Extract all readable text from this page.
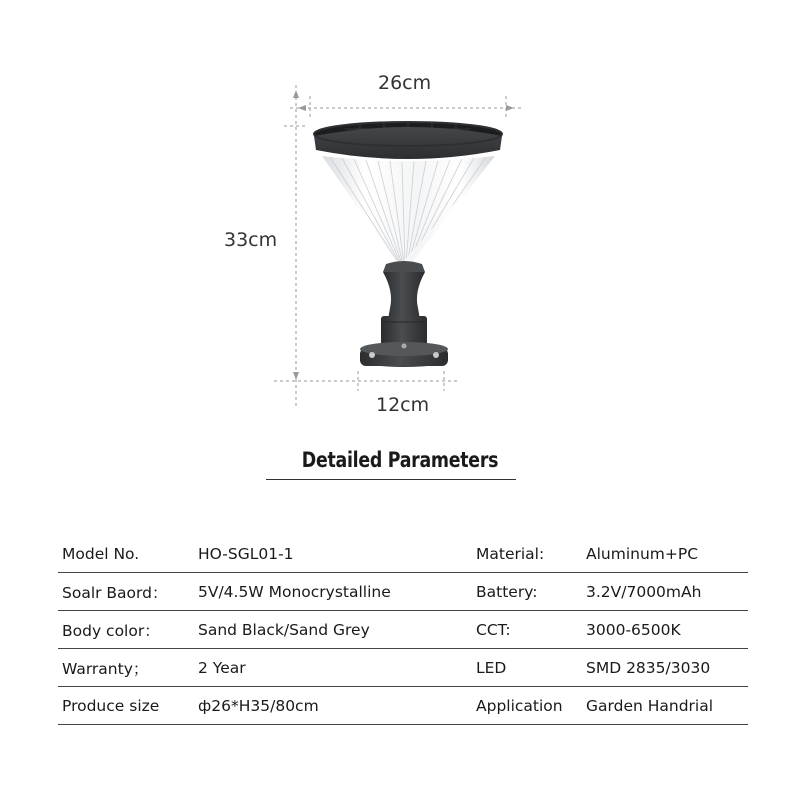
26cm
33cm
12cm
Detailed Parameters
Model No.	HO-SGL01-1	Material:	Aluminum+PC
Soalr Baord：	5V/4.5W Monocrystalline	Battery:	3.2V/7000mAh
Body color：	Sand Black/Sand Grey	CCT:	3000-6500K
Warranty；	2 Year	LED	SMD 2835/3030
Produce size	ф26*H35/80cm	Application	Garden Handrial
